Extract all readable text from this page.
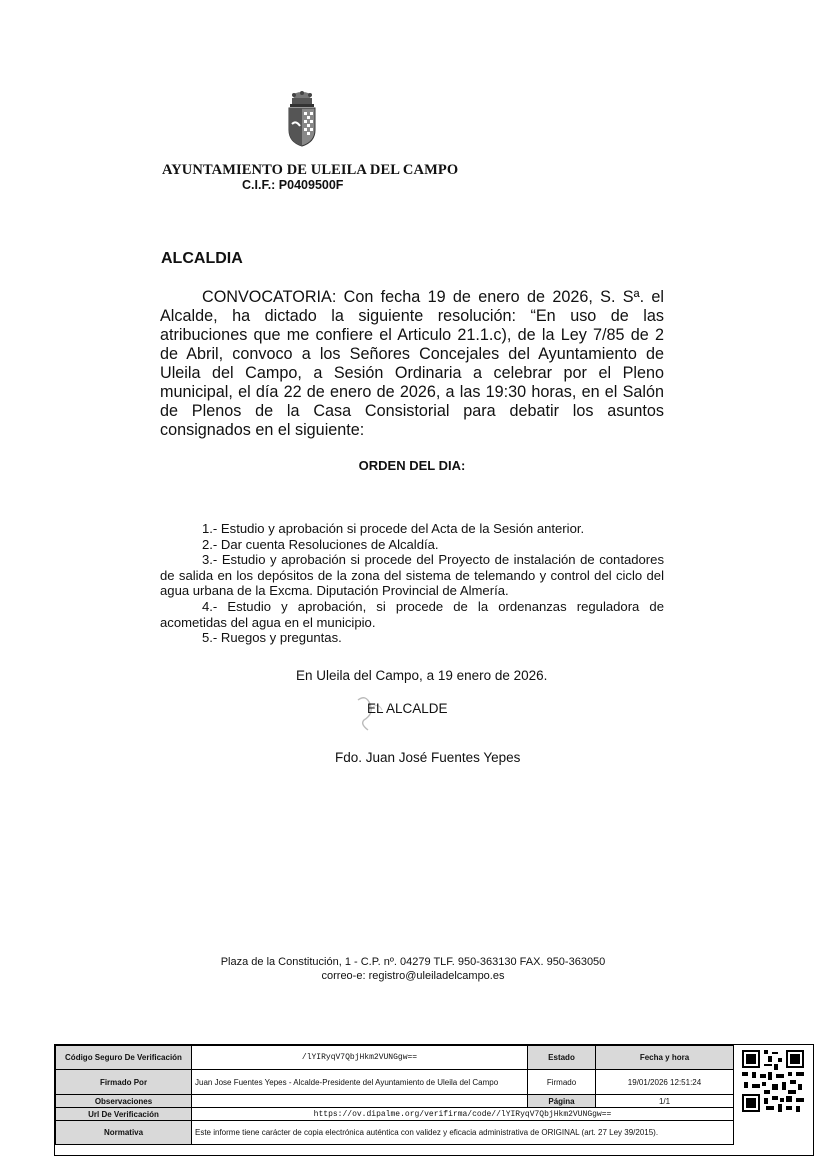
AYUNTAMIENTO DE ULEILA DEL CAMPO
C.I.F.: P0409500F
ALCALDIA
CONVOCATORIA: Con fecha 19 de enero de 2026, S. Sª. el Alcalde, ha dictado la siguiente resolución: “En uso de las atribuciones que me confiere el Articulo 21.1.c), de la Ley 7/85 de 2 de Abril, convoco a los Señores Concejales del Ayuntamiento de Uleila del Campo, a Sesión Ordinaria a celebrar por el Pleno municipal, el día 22 de enero de 2026, a las 19:30 horas, en el Salón de Plenos de la Casa Consistorial para debatir los asuntos consignados en el siguiente:
ORDEN DEL DIA:

1.- Estudio y aprobación si procede del Acta de la Sesión anterior.

2.- Dar cuenta Resoluciones de Alcaldía.

3.- Estudio y aprobación si procede del Proyecto de instalación de contadores de salida en los depósitos de la zona del sistema de telemando y control del ciclo del agua urbana de la Excma. Diputación Provincial de Almería.

4.- Estudio y aprobación, si procede de la ordenanzas reguladora de acometidas del agua en el municipio.

5.- Ruegos y preguntas.

En Uleila del Campo, a 19 enero de 2026.
EL ALCALDE
Fdo. Juan José Fuentes Yepes
Plaza de la Constitución, 1 - C.P. nº. 04279 TLF. 950-363130 FAX. 950-363050
correo-e: registro@uleiladelcampo.es
Código Seguro De Verificación	/lYIRyqV7QbjHkm2VUNGgw==	Estado	Fecha y hora
Firmado Por	Juan Jose Fuentes Yepes - Alcalde-Presidente del Ayuntamiento de Uleila del Campo	Firmado	19/01/2026 12:51:24
Observaciones		Página	1/1
Url De Verificación	https://ov.dipalme.org/verifirma/code//lYIRyqV7QbjHkm2VUNGgw==		
Normativa	Este informe tiene carácter de copia electrónica auténtica con validez y eficacia administrativa de ORIGINAL (art. 27 Ley 39/2015).		
